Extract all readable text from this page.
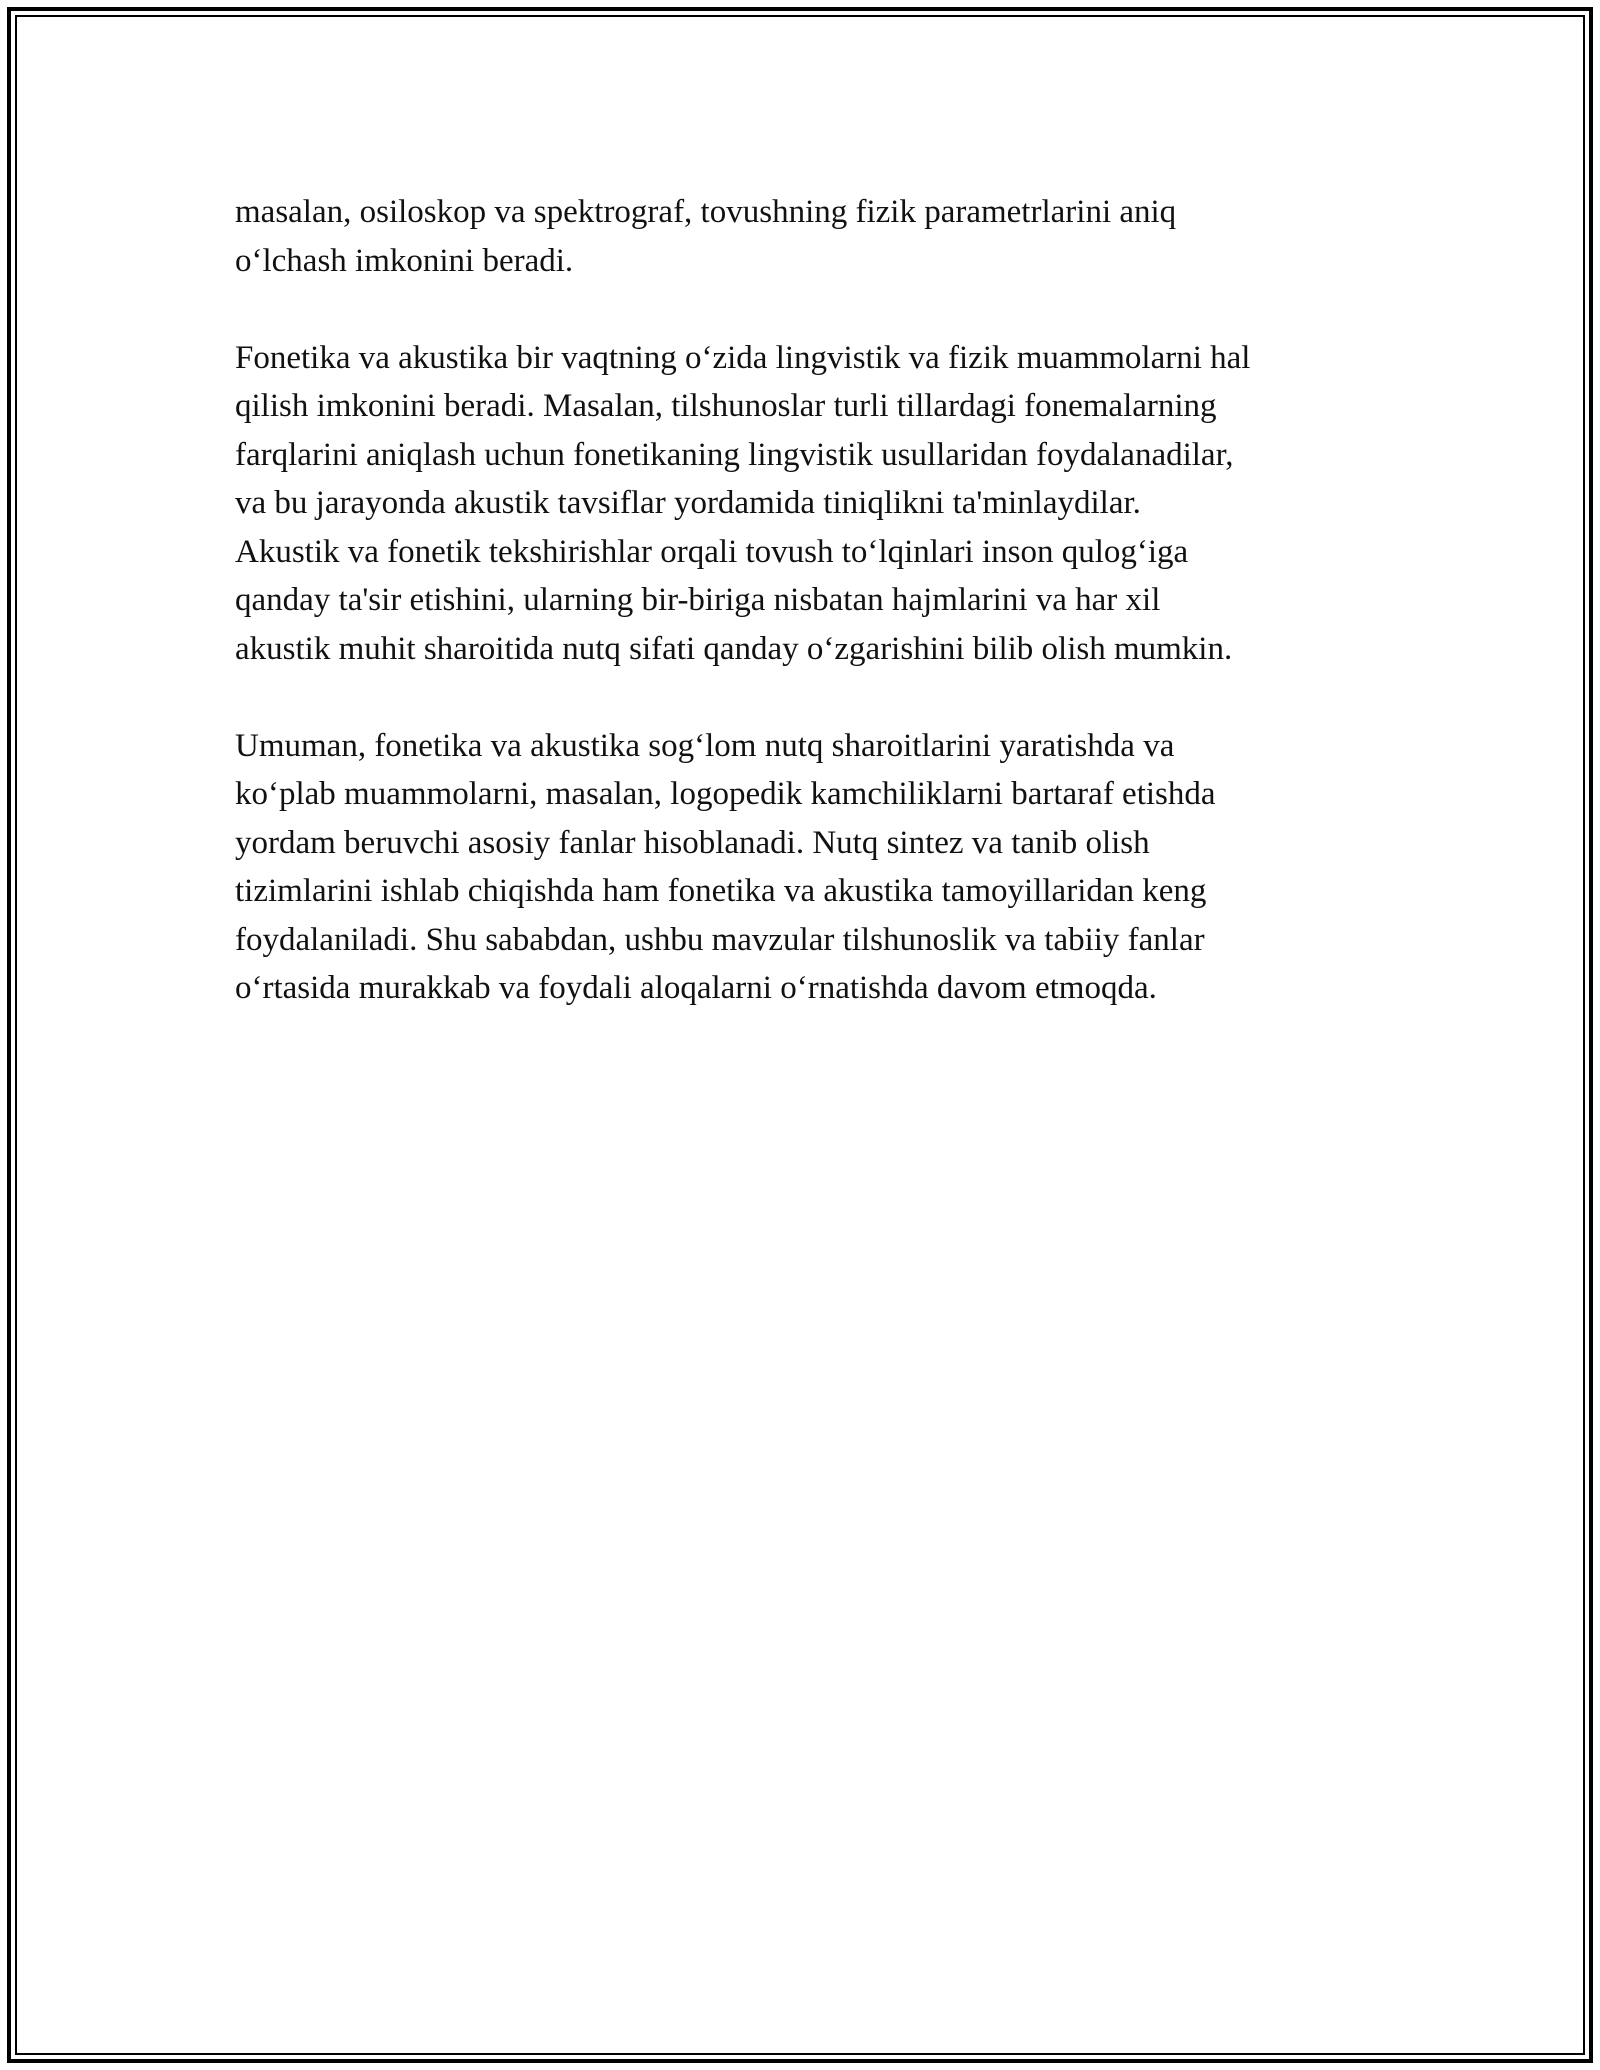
masalan, osiloskop va spektrograf, tovushning fizik parametrlarini aniq
o‘lchash imkonini beradi.

Fonetika va akustika bir vaqtning o‘zida lingvistik va fizik muammolarni hal
qilish imkonini beradi. Masalan, tilshunoslar turli tillardagi fonemalarning
farqlarini aniqlash uchun fonetikaning lingvistik usullaridan foydalanadilar,
va bu jarayonda akustik tavsiflar yordamida tiniqlikni ta'minlaydilar.
Akustik va fonetik tekshirishlar orqali tovush to‘lqinlari inson qulog‘iga
qanday ta'sir etishini, ularning bir-biriga nisbatan hajmlarini va har xil
akustik muhit sharoitida nutq sifati qanday o‘zgarishini bilib olish mumkin.

Umuman, fonetika va akustika sog‘lom nutq sharoitlarini yaratishda va
ko‘plab muammolarni, masalan, logopedik kamchiliklarni bartaraf etishda
yordam beruvchi asosiy fanlar hisoblanadi. Nutq sintez va tanib olish
tizimlarini ishlab chiqishda ham fonetika va akustika tamoyillaridan keng
foydalaniladi. Shu sababdan, ushbu mavzular tilshunoslik va tabiiy fanlar
o‘rtasida murakkab va foydali aloqalarni o‘rnatishda davom etmoqda.
